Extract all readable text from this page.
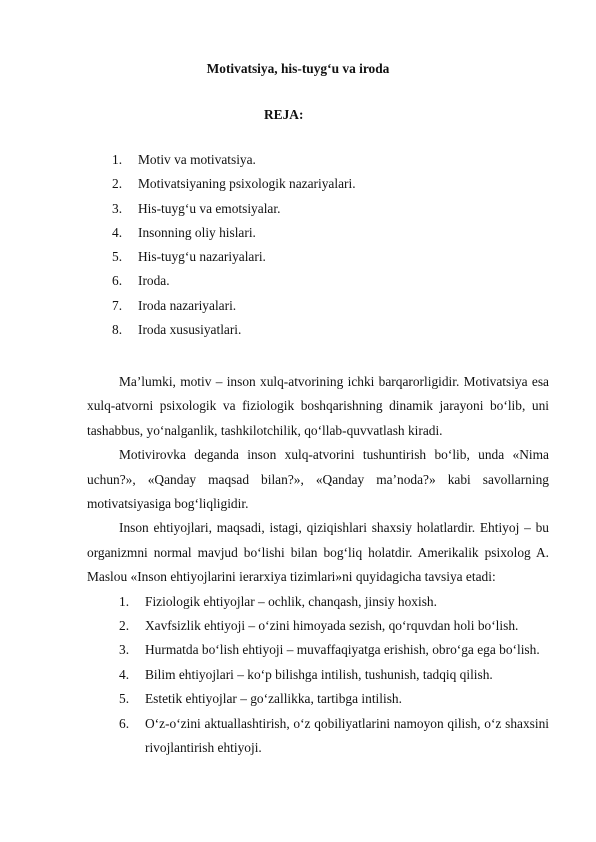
Motivatsiya, his-tuyg‘u va iroda
REJA:
1. Motiv va motivatsiya.
2. Motivatsiyaning psixologik nazariyalari.
3. His-tuyg‘u va emotsiyalar.
4. Insonning oliy hislari.
5. His-tuyg‘u nazariyalari.
6. Iroda.
7. Iroda nazariyalari.
8. Iroda xususiyatlari.

Ma’lumki, motiv – inson xulq-atvorining ichki barqarorligidir. Motivatsiya esa xulq-atvorni psixologik va fiziologik boshqarishning dinamik jarayoni bo‘lib, uni tashabbus, yo‘nalganlik, tashkilotchilik, qo‘llab-quvvatlash kiradi.

Motivirovka deganda inson xulq-atvorini tushuntirish bo‘lib, unda «Nima uchun?», «Qanday maqsad bilan?», «Qanday ma’noda?» kabi savollarning motivatsiyasiga bog‘liqligidir.

Inson ehtiyojlari, maqsadi, istagi, qiziqishlari shaxsiy holatlardir. Ehtiyoj – bu organizmni normal mavjud bo‘lishi bilan bog‘liq holatdir. Amerikalik psixolog A. Maslou «Inson ehtiyojlarini ierarxiya tizimlari»ni quyidagicha tavsiya etadi:

1.	Fiziologik ehtiyojlar – ochlik, chanqash, jinsiy hoxish.
2.	Xavfsizlik ehtiyoji – o‘zini himoyada sezish, qo‘rquvdan holi bo‘lish.
3.	Hurmatda bo‘lish ehtiyoji – muvaffaqiyatga erishish, obro‘ga ega bo‘lish.
4.	Bilim ehtiyojlari – ko‘p bilishga intilish, tushunish, tadqiq qilish.
5.	Estetik ehtiyojlar – go‘zallikka, tartibga intilish.
6.	O‘z-o‘zini aktuallashtirish, o‘z qobiliyatlarini namoyon qilish, o‘z shaxsini rivojlantirish ehtiyoji.
